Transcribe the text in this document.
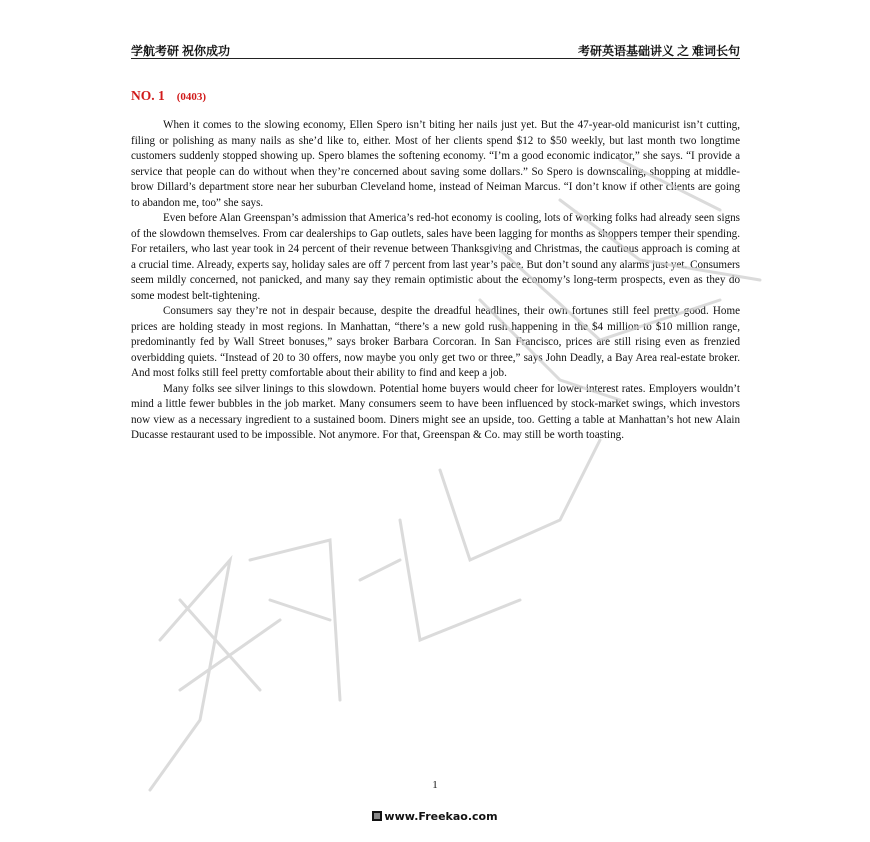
学航考研 祝你成功	考研英语基础讲义 之 难词长句
NO. 1 (0403)

When it comes to the slowing economy, Ellen Spero isn’t biting her nails just yet. But the 47-year-old manicurist isn’t cutting, filing or polishing as many nails as she’d like to, either. Most of her clients spend $12 to $50 weekly, but last month two longtime customers suddenly stopped showing up. Spero blames the softening economy. “I’m a good economic indicator,” she says. “I provide a service that people can do without when they’re concerned about saving some dollars.” So Spero is downscaling, shopping at middle-brow Dillard’s department store near her suburban Cleveland home, instead of Neiman Marcus. “I don’t know if other clients are going to abandon me, too” she says.

Even before Alan Greenspan’s admission that America’s red-hot economy is cooling, lots of working folks had already seen signs of the slowdown themselves. From car dealerships to Gap outlets, sales have been lagging for months as shoppers temper their spending. For retailers, who last year took in 24 percent of their revenue between Thanksgiving and Christmas, the cautious approach is coming at a crucial time. Already, experts say, holiday sales are off 7 percent from last year’s pace. But don’t sound any alarms just yet. Consumers seem mildly concerned, not panicked, and many say they remain optimistic about the economy’s long-term prospects, even as they do some modest belt-tightening.

Consumers say they’re not in despair because, despite the dreadful headlines, their own fortunes still feel pretty good. Home prices are holding steady in most regions. In Manhattan, “there’s a new gold rush happening in the $4 million to $10 million range, predominantly fed by Wall Street bonuses,” says broker Barbara Corcoran. In San Francisco, prices are still rising even as frenzied overbidding quiets. “Instead of 20 to 30 offers, now maybe you only get two or three,” says John Deadly, a Bay Area real-estate broker. And most folks still feel pretty comfortable about their ability to find and keep a job.

Many folks see silver linings to this slowdown. Potential home buyers would cheer for lower interest rates. Employers wouldn’t mind a little fewer bubbles in the job market. Many consumers seem to have been influenced by stock-market swings, which investors now view as a necessary ingredient to a sustained boom. Diners might see an upside, too. Getting a table at Manhattan’s hot new Alain Ducasse restaurant used to be impossible. Not anymore. For that, Greenspan & Co. may still be worth toasting.

1
www.Freekao.com
